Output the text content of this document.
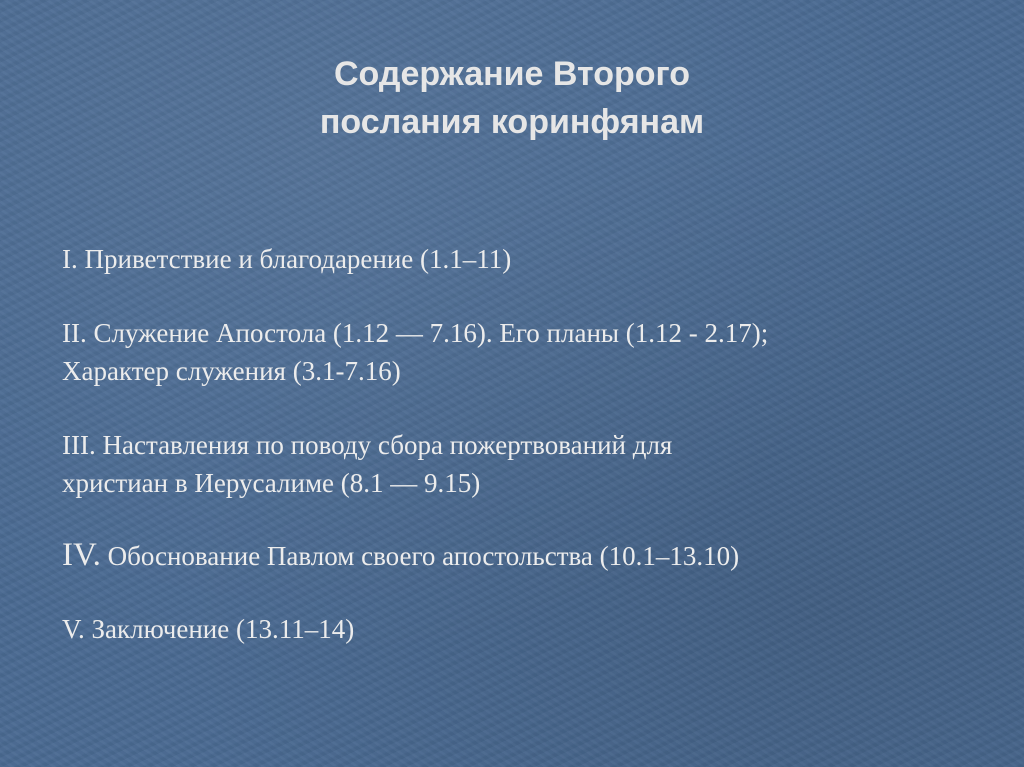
Содержание Второго
послания коринфянам
I. Приветствие и благодарение (1.1–11)
II. Служение Апостола (1.12 — 7.16). Его планы (1.12 - 2.17);
Характер служения (3.1-7.16)
III. Наставления по поводу сбора пожертвований для
христиан в Иерусалиме (8.1 — 9.15)
IV. Обоснование Павлом своего апостольства (10.1–13.10)
V. Заключение (13.11–14)
